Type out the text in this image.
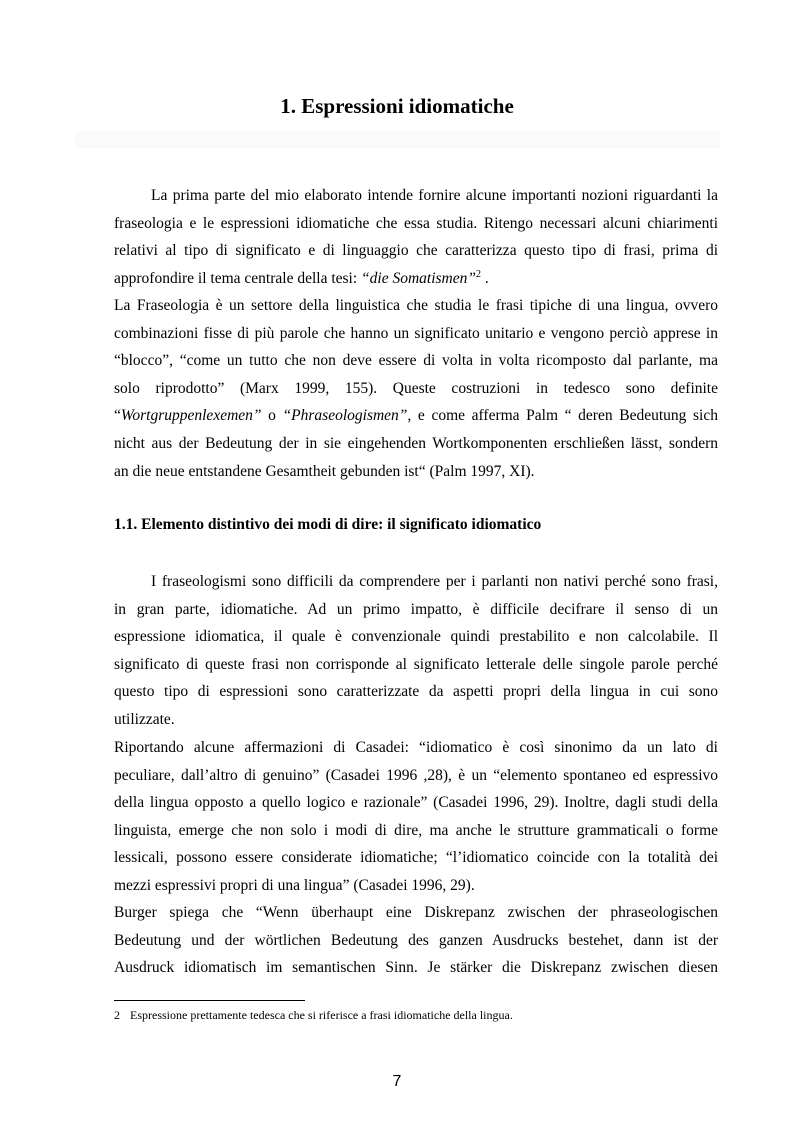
1. Espressioni idiomatiche
La prima parte del mio elaborato intende fornire alcune importanti nozioni riguardanti la
fraseologia e le espressioni idiomatiche che essa studia. Ritengo necessari alcuni chiarimenti
relativi al tipo di significato e di linguaggio che caratterizza questo tipo di frasi, prima di
approfondire il tema centrale della tesi: “die Somatismen”$^2$ .
La Fraseologia è un settore della linguistica che studia le frasi tipiche di una lingua, ovvero
combinazioni fisse di più parole che hanno un significato unitario e vengono perciò apprese in
“blocco”, “come un tutto che non deve essere di volta in volta ricomposto dal parlante, ma
solo riprodotto” (Marx 1999, 155). Queste costruzioni in tedesco sono definite
“Wortgruppenlexemen” o “Phraseologismen”, e come afferma Palm “ deren Bedeutung sich
nicht aus der Bedeutung der in sie eingehenden Wortkomponenten erschließen lässt, sondern
an die neue entstandene Gesamtheit gebunden ist“ (Palm 1997, XI).
1.1. Elemento distintivo dei modi di dire: il significato idiomatico
I fraseologismi sono difficili da comprendere per i parlanti non nativi perché sono frasi,
in gran parte, idiomatiche. Ad un primo impatto, è difficile decifrare il senso di un
espressione idiomatica, il quale è convenzionale quindi prestabilito e non calcolabile. Il
significato di queste frasi non corrisponde al significato letterale delle singole parole perché
questo tipo di espressioni sono caratterizzate da aspetti propri della lingua in cui sono
utilizzate.
Riportando alcune affermazioni di Casadei: “idiomatico è così sinonimo da un lato di
peculiare, dall’altro di genuino” (Casadei 1996 ,28), è un “elemento spontaneo ed espressivo
della lingua opposto a quello logico e razionale” (Casadei 1996, 29). Inoltre, dagli studi della
linguista, emerge che non solo i modi di dire, ma anche le strutture grammaticali o forme
lessicali, possono essere considerate idiomatiche; “l’idiomatico coincide con la totalità dei
mezzi espressivi propri di una lingua” (Casadei 1996, 29).
Burger spiega che “Wenn überhaupt eine Diskrepanz zwischen der phraseologischen
Bedeutung und der wörtlichen Bedeutung des ganzen Ausdrucks bestehet, dann ist der
Ausdruck idiomatisch im semantischen Sinn. Je stärker die Diskrepanz zwischen diesen
2 Espressione prettamente tedesca che si riferisce a frasi idiomatiche della lingua.
7
